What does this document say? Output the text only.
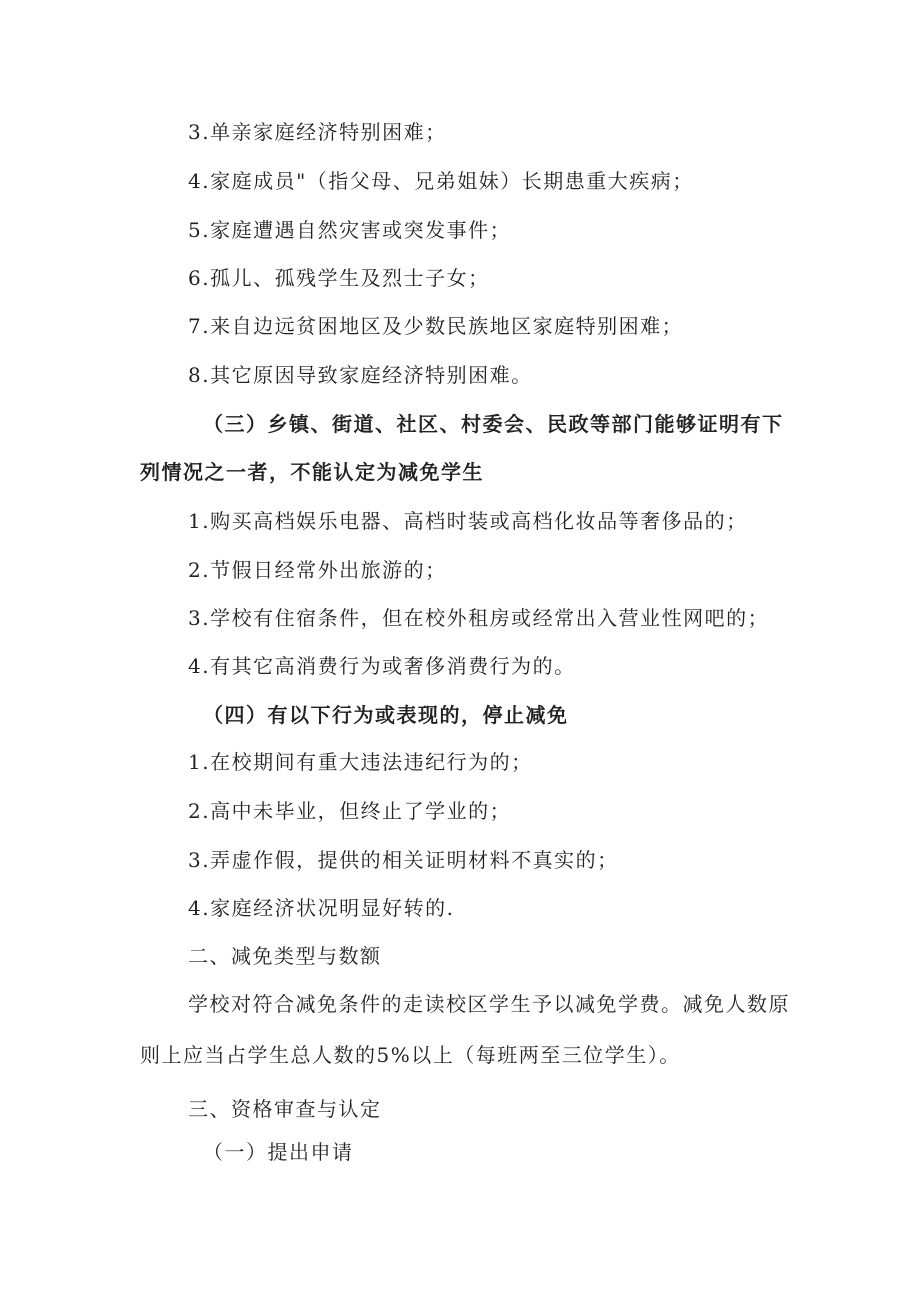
3.单亲家庭经济特别困难；
4.家庭成员"（指父母、兄弟姐妹）长期患重大疾病；
5.家庭遭遇自然灾害或突发事件；
6.孤儿、孤残学生及烈士子女；
7.来自边远贫困地区及少数民族地区家庭特别困难；
8.其它原因导致家庭经济特别困难。
（三）乡镇、街道、社区、村委会、民政等部门能够证明有下
列情况之一者，不能认定为减免学生
1.购买高档娱乐电器、高档时装或高档化妆品等奢侈品的；
2.节假日经常外出旅游的；
3.学校有住宿条件，但在校外租房或经常出入营业性网吧的；
4.有其它高消费行为或奢侈消费行为的。
（四）有以下行为或表现的，停止减免
1.在校期间有重大违法违纪行为的；
2.高中未毕业，但终止了学业的；
3.弄虚作假，提供的相关证明材料不真实的；
4.家庭经济状况明显好转的.
二、减免类型与数额
学校对符合减免条件的走读校区学生予以减免学费。减免人数原
则上应当占学生总人数的5%以上（每班两至三位学生）。
三、资格审查与认定
（一）提出申请
